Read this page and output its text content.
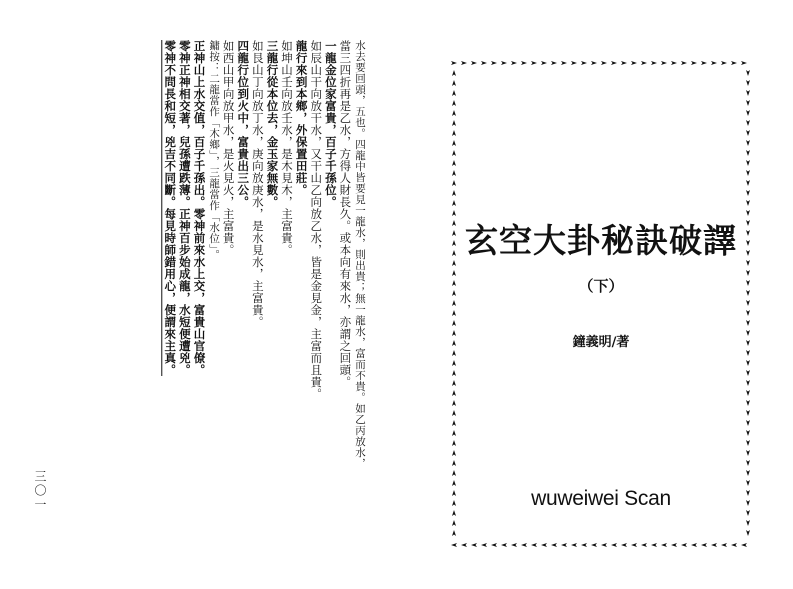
水去要回頭，五也。四龍中皆要見一龍水，則出貴；無一龍水，富而不貴。如乙丙放水，
當三四折再是乙水，方得人財長久。或本向有來水，亦謂之回頭。
一龍金位家富貴，百子千孫位。
如辰山干向放干水，又干山乙向放乙水，皆是金見金，主富而且貴。
龍行來到本鄉，外保置田莊。
如坤山壬向放壬水，是木見木，主富貴。
三龍行從本位去，金玉家無數。
如艮山丁向放丁水，庚向放庚水，是水見水，主富貴。
四龍行位到火中，富貴出三公。
如西山甲向放甲水，是火見火，主富貴。
鏞按：二龍當作「木鄉」，三龍當作「水位」。
正神山上水交值，百子千孫出。零神前來水上交，富貴山官僚。
零神正神相交著，兒孫遭跌薄。正神百步始成龍，水短便遭兇。
零神不問長和短，兇吉不同斷。每見時師錯用心，便謂來主真。
三〇一
玄空大卦秘訣破譯
（下）
鐘義明/著
wuweiwei Scan
